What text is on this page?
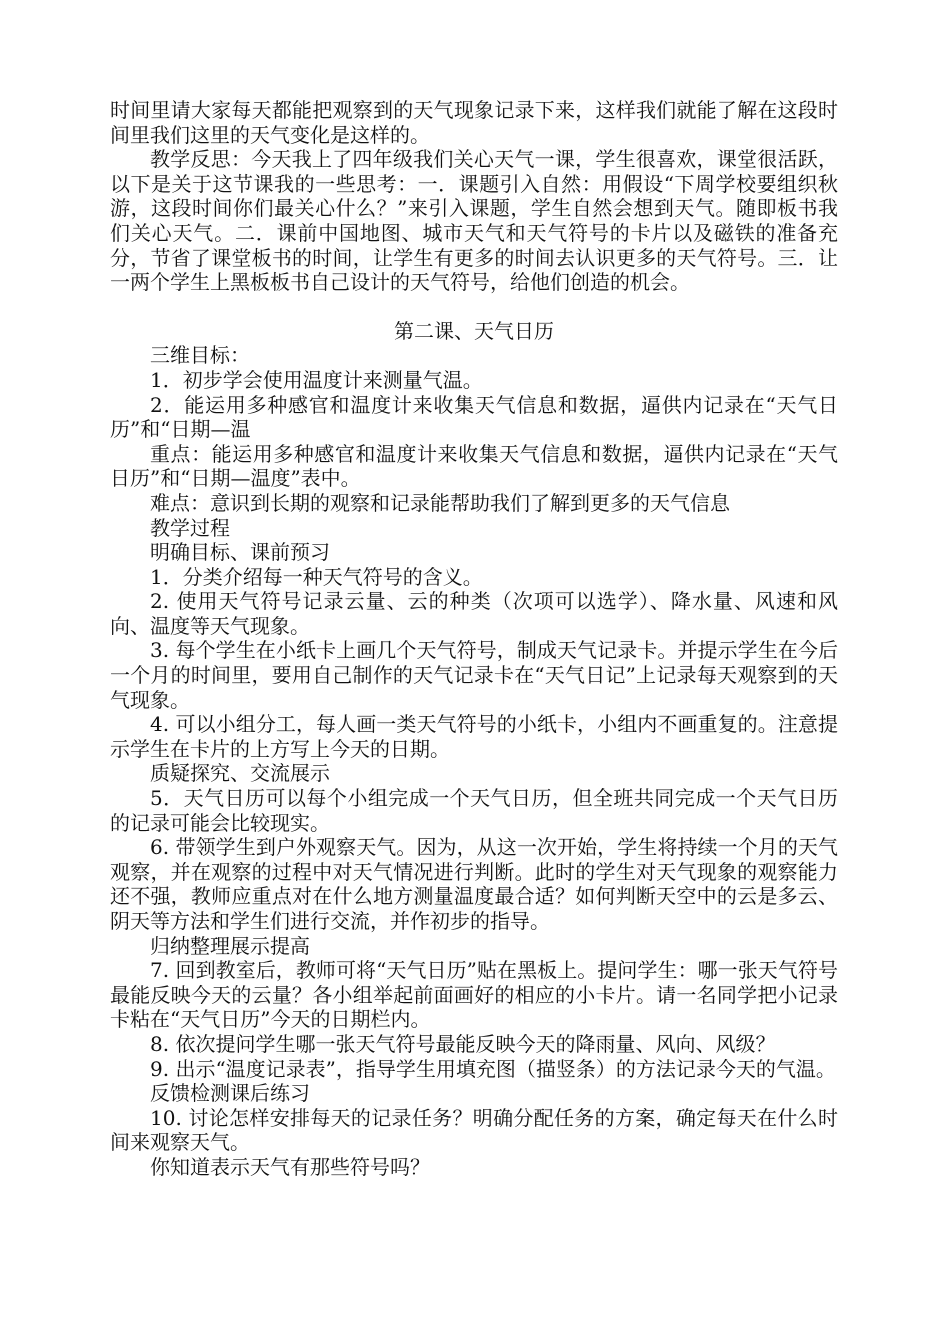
时间里请大家每天都能把观察到的天气现象记录下来，这样我们就能了解在这段时间里我们这里的天气变化是这样的。

教学反思：今天我上了四年级我们关心天气一课，学生很喜欢，课堂很活跃，以下是关于这节课我的一些思考：一．课题引入自然：用假设“下周学校要组织秋游，这段时间你们最关心什么？”来引入课题，学生自然会想到天气。随即板书我们关心天气。二．课前中国地图、城市天气和天气符号的卡片以及磁铁的准备充分，节省了课堂板书的时间，让学生有更多的时间去认识更多的天气符号。三．让一两个学生上黑板板书自己设计的天气符号，给他们创造的机会。

第二课、天气日历

三维目标：

1．初步学会使用温度计来测量气温。

2．能运用多种感官和温度计来收集天气信息和数据，逼供内记录在“天气日历”和“日期—温

重点：能运用多种感官和温度计来收集天气信息和数据，逼供内记录在“天气日历”和“日期—温度”表中。

难点：意识到长期的观察和记录能帮助我们了解到更多的天气信息

教学过程

明确目标、课前预习

1．分类介绍每一种天气符号的含义。

2. 使用天气符号记录云量、云的种类（次项可以选学）、降水量、风速和风向、温度等天气现象。

3. 每个学生在小纸卡上画几个天气符号，制成天气记录卡。并提示学生在今后一个月的时间里，要用自己制作的天气记录卡在“天气日记”上记录每天观察到的天气现象。

4. 可以小组分工，每人画一类天气符号的小纸卡，小组内不画重复的。注意提示学生在卡片的上方写上今天的日期。

质疑探究、交流展示

5．天气日历可以每个小组完成一个天气日历，但全班共同完成一个天气日历的记录可能会比较现实。

6. 带领学生到户外观察天气。因为，从这一次开始，学生将持续一个月的天气观察，并在观察的过程中对天气情况进行判断。此时的学生对天气现象的观察能力还不强，教师应重点对在什么地方测量温度最合适？如何判断天空中的云是多云、阴天等方法和学生们进行交流，并作初步的指导。

归纳整理展示提高

7. 回到教室后，教师可将“天气日历”贴在黑板上。提问学生：哪一张天气符号最能反映今天的云量？各小组举起前面画好的相应的小卡片。请一名同学把小记录卡粘在“天气日历”今天的日期栏内。

8. 依次提问学生哪一张天气符号最能反映今天的降雨量、风向、风级？

9. 出示“温度记录表”，指导学生用填充图（描竖条）的方法记录今天的气温。

反馈检测课后练习

10. 讨论怎样安排每天的记录任务？明确分配任务的方案，确定每天在什么时间来观察天气。

你知道表示天气有那些符号吗？
